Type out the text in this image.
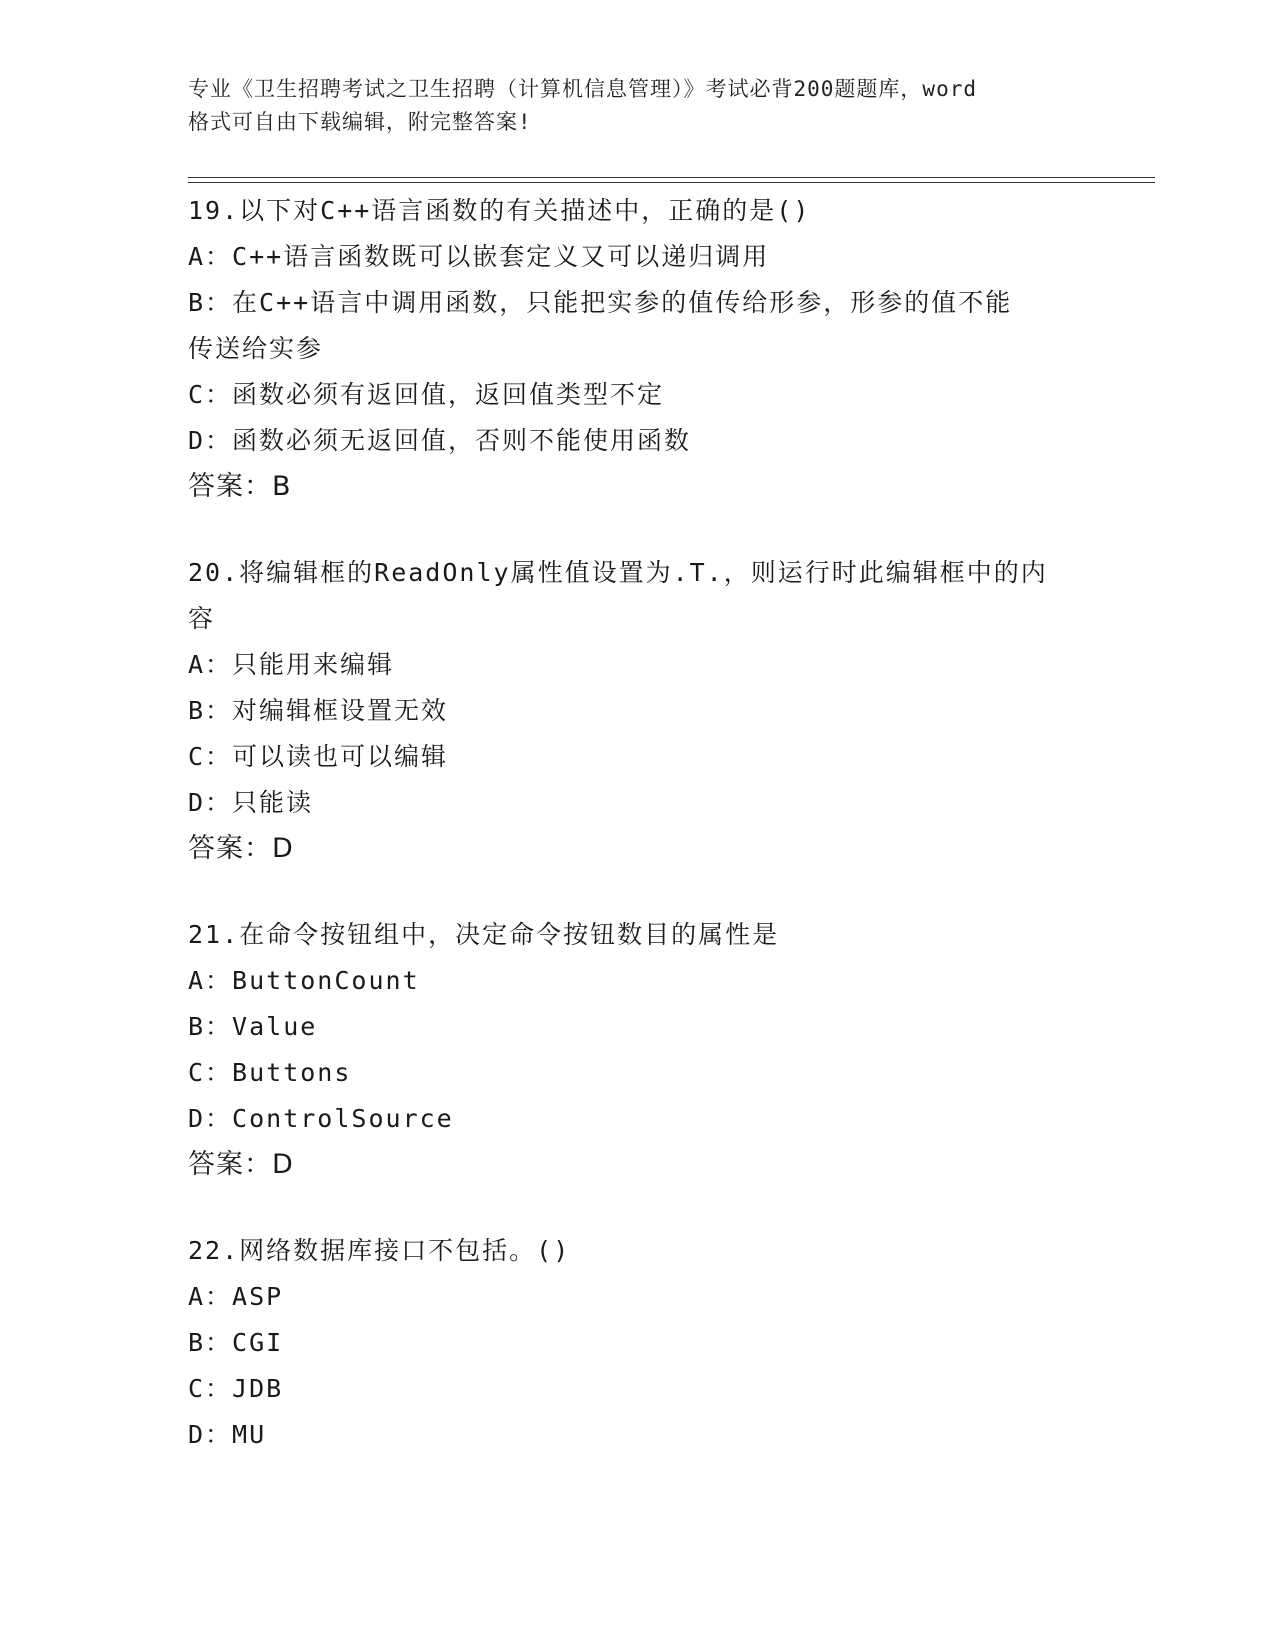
专业《卫生招聘考试之卫生招聘（计算机信息管理）》考试必背200题题库，word
格式可自由下载编辑，附完整答案!
19.以下对C++语言函数的有关描述中，正确的是()
A：C++语言函数既可以嵌套定义又可以递归调用
B：在C++语言中调用函数，只能把实参的值传给形参，形参的值不能
传送给实参
C：函数必须有返回值，返回值类型不定
D：函数必须无返回值，否则不能使用函数
答案：B
20.将编辑框的ReadOnly属性值设置为.T.，则运行时此编辑框中的内
容
A：只能用来编辑
B：对编辑框设置无效
C：可以读也可以编辑
D：只能读
答案：D
21.在命令按钮组中，决定命令按钮数目的属性是
A：ButtonCount
B：Value
C：Buttons
D：ControlSource
答案：D
22.网络数据库接口不包括。()
A：ASP
B：CGI
C：JDB
D：MU
